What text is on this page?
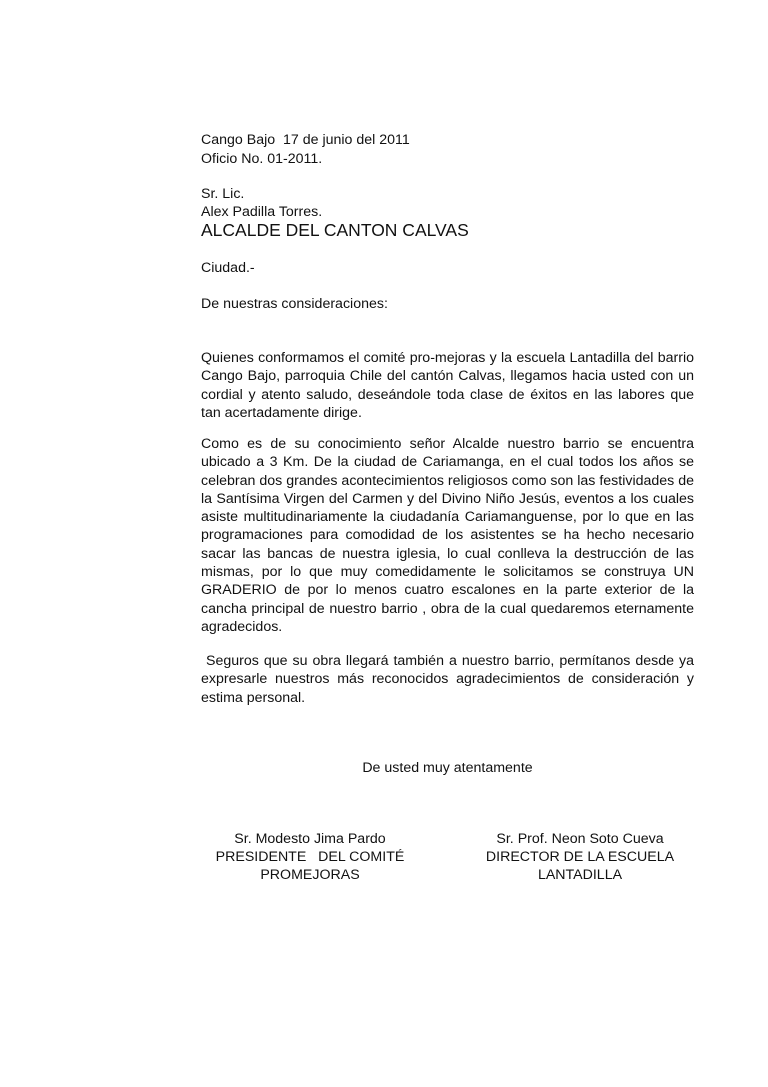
Cango Bajo  17 de junio del 2011
Oficio No. 01-2011.
Sr. Lic.
Alex Padilla Torres.
ALCALDE DEL CANTON CALVAS
Ciudad.-
De nuestras consideraciones:
Quienes conformamos el comité pro-mejoras y la escuela Lantadilla del barrio Cango Bajo, parroquia Chile del cantón Calvas, llegamos hacia usted con un cordial y atento saludo, deseándole toda clase de éxitos en las labores que tan acertadamente dirige.
Como es de su conocimiento señor Alcalde nuestro barrio se encuentra ubicado a 3 Km. De la ciudad de Cariamanga, en el cual todos los años se celebran dos grandes acontecimientos religiosos como son las festividades de la Santísima Virgen del Carmen y del Divino Niño Jesús, eventos a los cuales asiste multitudinariamente la ciudadanía Cariamanguense, por lo que en las programaciones para comodidad de los asistentes se ha hecho necesario sacar las bancas de nuestra iglesia, lo cual conlleva la destrucción de las mismas, por lo que muy comedidamente le solicitamos se construya UN GRADERIO de por lo menos cuatro escalones en la parte exterior de la cancha principal de nuestro barrio , obra de la cual quedaremos eternamente agradecidos.
Seguros que su obra llegará también a nuestro barrio, permítanos desde ya expresarle nuestros más reconocidos agradecimientos de consideración y estima personal.
De usted muy atentamente
Sr. Modesto Jima Pardo
PRESIDENTE   DEL COMITÉ
PROMEJORAS
Sr. Prof. Neon Soto Cueva
DIRECTOR DE LA ESCUELA
LANTADILLA
